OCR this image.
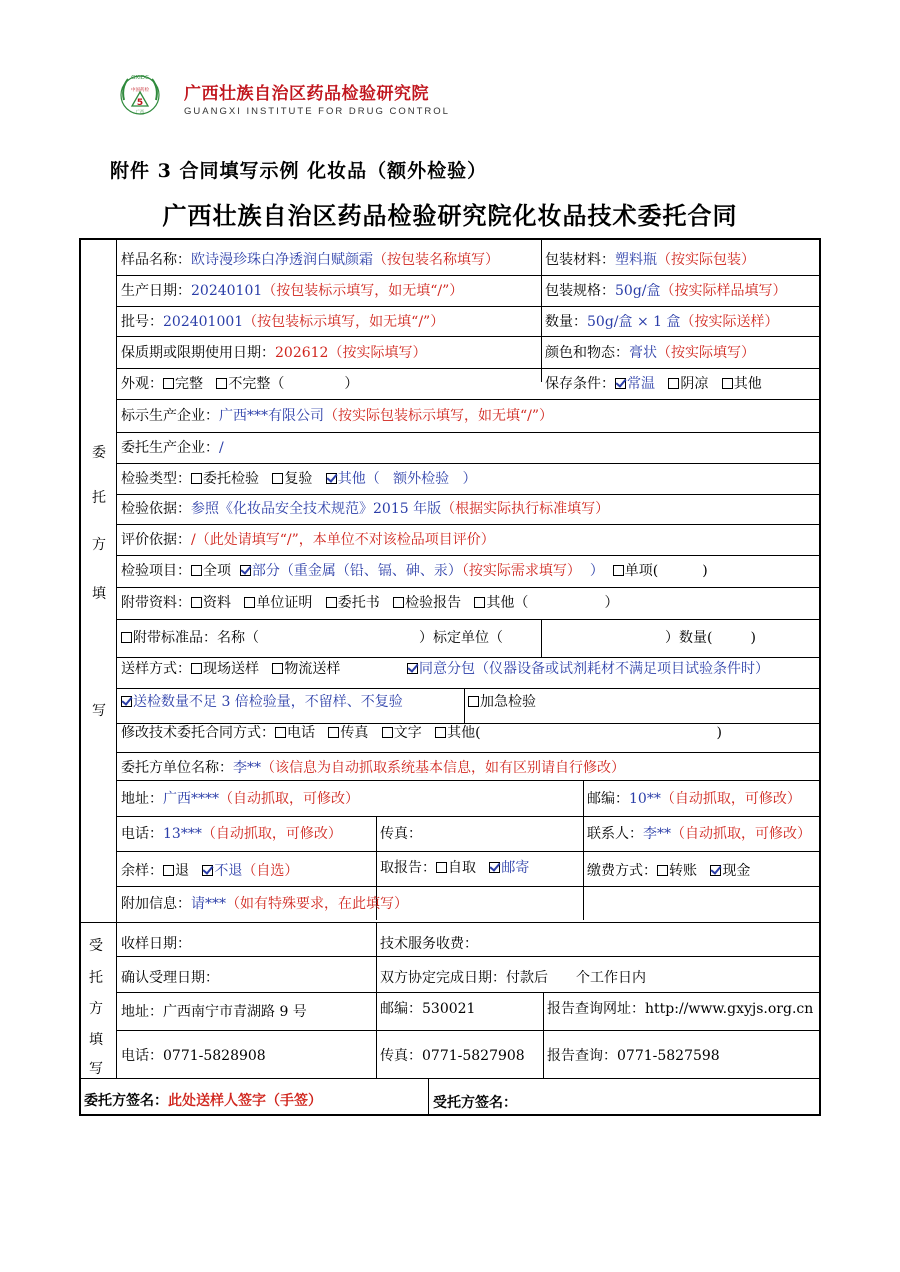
GXIDC
中国药检
5
广西
广西壮族自治区药品检验研究院
GUANGXI INSTITUTE FOR DRUG CONTROL
附件 3 合同填写示例 化妆品（额外检验）
广西壮族自治区药品检验研究院化妆品技术委托合同
委
托
方
填
写
受
托
方
填
写
样品名称：欧诗漫珍珠白净透润白赋颜霜（按包装名称填写）	包装材料：塑料瓶（按实际包装）
生产日期：20240101（按包装标示填写，如无填“/”）	包装规格：50g/盒（按实际样品填写）
批号：202401001（按包装标示填写，如无填“/”）	数量：50g/盒 × 1 盒（按实际送样）
保质期或限期使用日期：202612（按实际填写）	颜色和物态：膏状（按实际填写）
外观： 完整 不完整（	）	保存条件： 常温 阴凉 其他
标示生产企业：广西***有限公司（按实际包装标示填写，如无填“/”）
委托生产企业：/
检验类型： 委托检验 复验 其他（ 额外检验 ）
检验依据：参照《化妆品安全技术规范》2015 年版（根据实际执行标准填写）
评价依据：/（此处请填写“/”，本单位不对该检品项目评价）
检验项目： 全项 部分（重金属（铅、镉、砷、汞）（按实际需求填写） ） 单项(	)
附带资料： 资料 单位证明 委托书 检验报告 其他（	）
附带标准品：名称（	）标定单位（	）数量(	)
送样方式： 现场送样 物流送样	同意分包（仪器设备或试剂耗材不满足项目试验条件时）
送检数量不足 3 倍检验量，不留样、不复验	加急检验
修改技术委托合同方式： 电话 传真 文字 其他(	)
委托方单位名称：李**（该信息为自动抓取系统基本信息，如有区别请自行修改）
地址：广西****（自动抓取，可修改）	邮编：10**（自动抓取，可修改）
电话：13***（自动抓取，可修改）	传真：	联系人：李**（自动抓取，可修改）
余样： 退 不退（自选）	取报告： 自取 邮寄	缴费方式： 转账 现金
附加信息：请***（如有特殊要求，在此填写）
收样日期：	技术服务收费：
确认受理日期：	双方协定完成日期：付款后　　个工作日内
地址：广西南宁市青湖路 9 号	邮编：530021	报告查询网址：http://www.gxyjs.org.cn
电话：0771-5828908	传真：0771-5827908 报告查询：0771-5827598
委托方签名：此处送样人签字（手签）	受托方签名：
